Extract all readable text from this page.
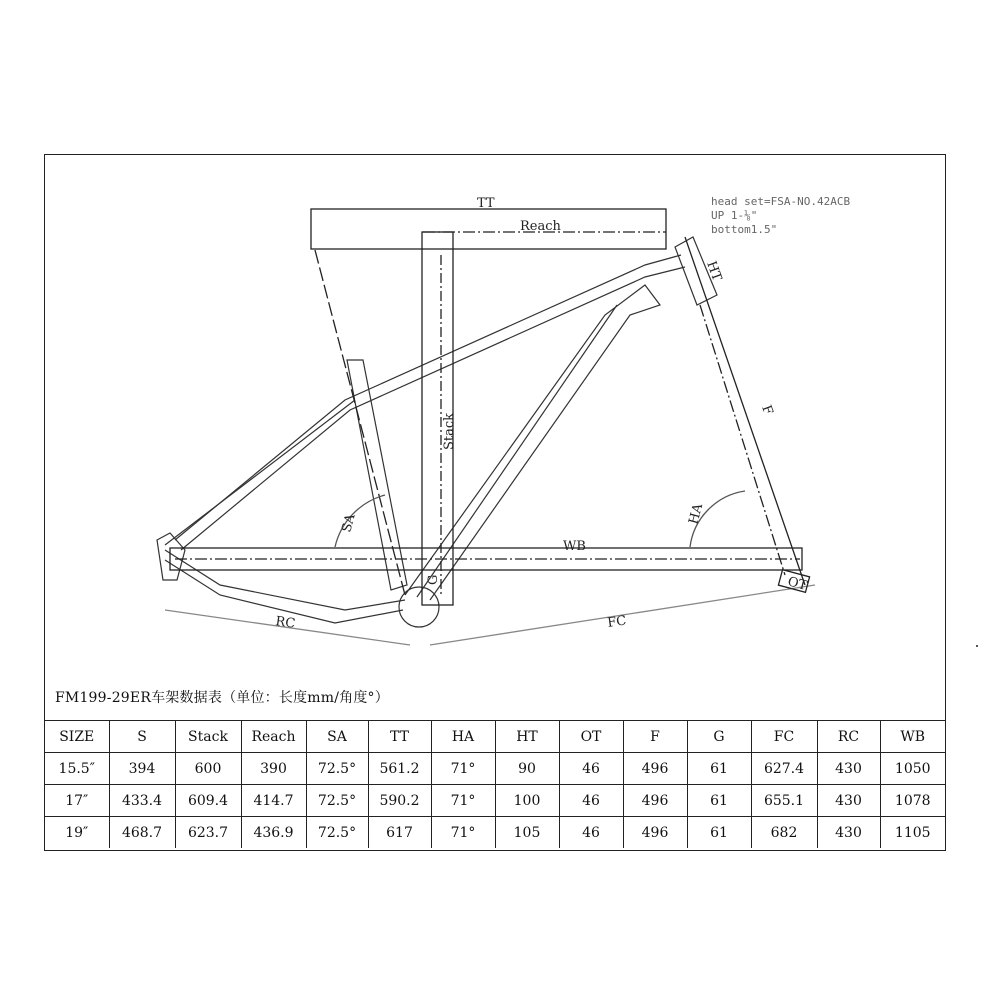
TT
Reach
Stack
HT
F
HA
SA
WB
G	OT
RC	FC
head set=FSA-NO.42ACB
UP 1-⅛"
bottom1.5"
FM199-29ER车架数据表（单位：长度mm/角度°）
SIZE	S	Stack	Reach	SA	TT	HA	HT	OT	F	G	FC	RC	WB
15.5″	394	600	390	72.5°	561.2	71°	90	46	496	61	627.4	430	1050
17″	433.4	609.4	414.7	72.5°	590.2	71°	100	46	496	61	655.1	430	1078
19″	468.7	623.7	436.9	72.5°	617	71°	105	46	496	61	682	430	1105
